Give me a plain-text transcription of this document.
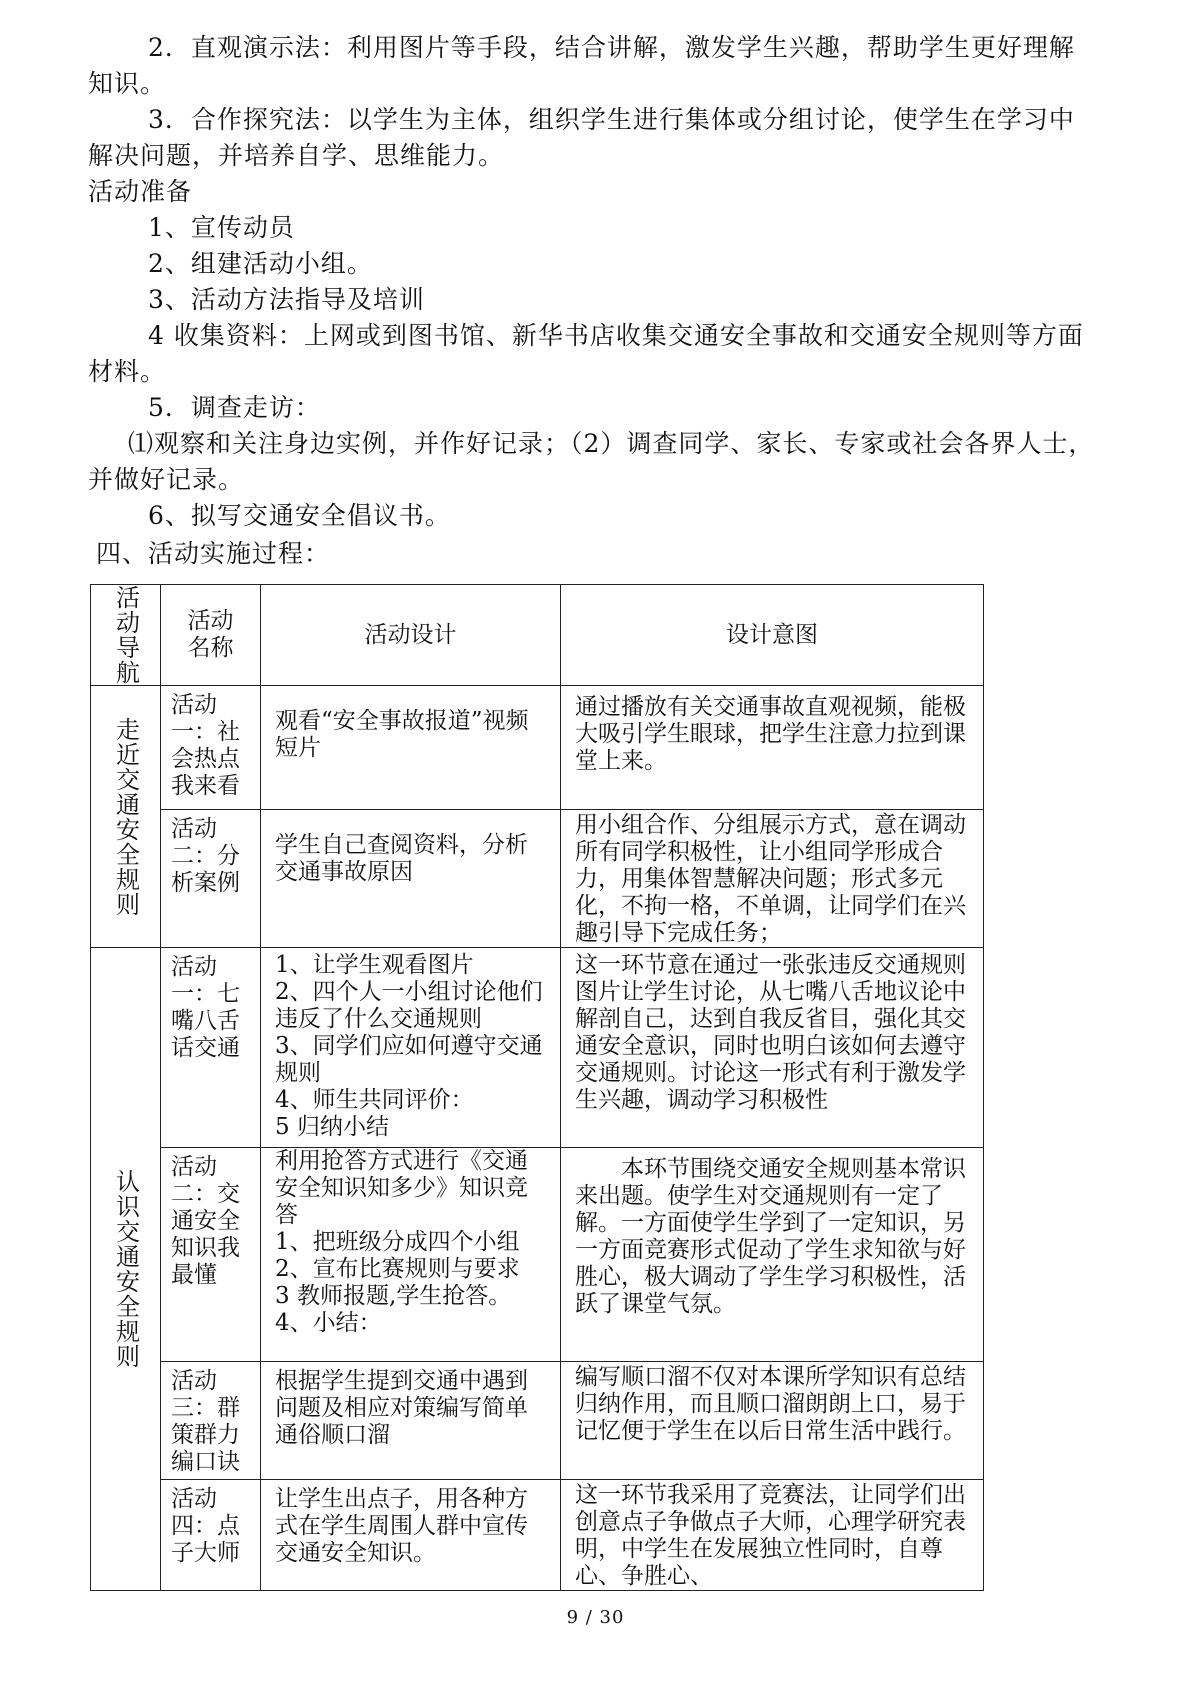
2．直观演示法：利用图片等手段，结合讲解，激发学生兴趣，帮助学生更好理解知识。
3．合作探究法：以学生为主体，组织学生进行集体或分组讨论，使学生在学习中解决问题，并培养自学、思维能力。
活动准备
1、宣传动员
2、组建活动小组。
3、活动方法指导及培训
4 收集资料：上网或到图书馆、新华书店收集交通安全事故和交通安全规则等方面材料。
5．调查走访：
⑴观察和关注身边实例，并作好记录；（2）调查同学、家长、专家或社会各界人士，并做好记录。
6、拟写交通安全倡议书。
四、活动实施过程：
活动导航	活动名称	活动设计	设计意图

走近交通安全规则	活动一：社会热点我来看	观看“安全事故报道”视频短片	通过播放有关交通事故直观视频，能极大吸引学生眼球，把学生注意力拉到课堂上来。
	活动二：分析案例	学生自己查阅资料，分析交通事故原因	用小组合作、分组展示方式，意在调动所有同学积极性，让小组同学形成合力，用集体智慧解决问题；形式多元化，不拘一格，不单调，让同学们在兴趣引导下完成任务；

认识交通安全规则	活动一：七嘴八舌话交通	1、让学生观看图片
2、四个人一小组讨论他们违反了什么交通规则
3、同学们应如何遵守交通规则
4、师生共同评价：
5 归纳小结	这一环节意在通过一张张违反交通规则图片让学生讨论，从七嘴八舌地议论中解剖自己，达到自我反省目，强化其交通安全意识，同时也明白该如何去遵守交通规则。讨论这一形式有利于激发学生兴趣，调动学习积极性
	活动二：交通安全知识我最懂	利用抢答方式进行《交通安全知识知多少》知识竞答
1、把班级分成四个小组
2、宣布比赛规则与要求
3 教师报题,学生抢答。
4、小结：	本环节围绕交通安全规则基本常识来出题。使学生对交通规则有一定了解。一方面使学生学到了一定知识，另一方面竞赛形式促动了学生求知欲与好胜心，极大调动了学生学习积极性，活跃了课堂气氛。
	活动三：群策群力编口诀	根据学生提到交通中遇到问题及相应对策编写简单通俗顺口溜	编写顺口溜不仅对本课所学知识有总结归纳作用，而且顺口溜朗朗上口，易于记忆便于学生在以后日常生活中践行。
	活动四：点子大师	让学生出点子，用各种方式在学生周围人群中宣传交通安全知识。	这一环节我采用了竞赛法，让同学们出创意点子争做点子大师，心理学研究表明，中学生在发展独立性同时，自尊心、争胜心、
9 / 30
